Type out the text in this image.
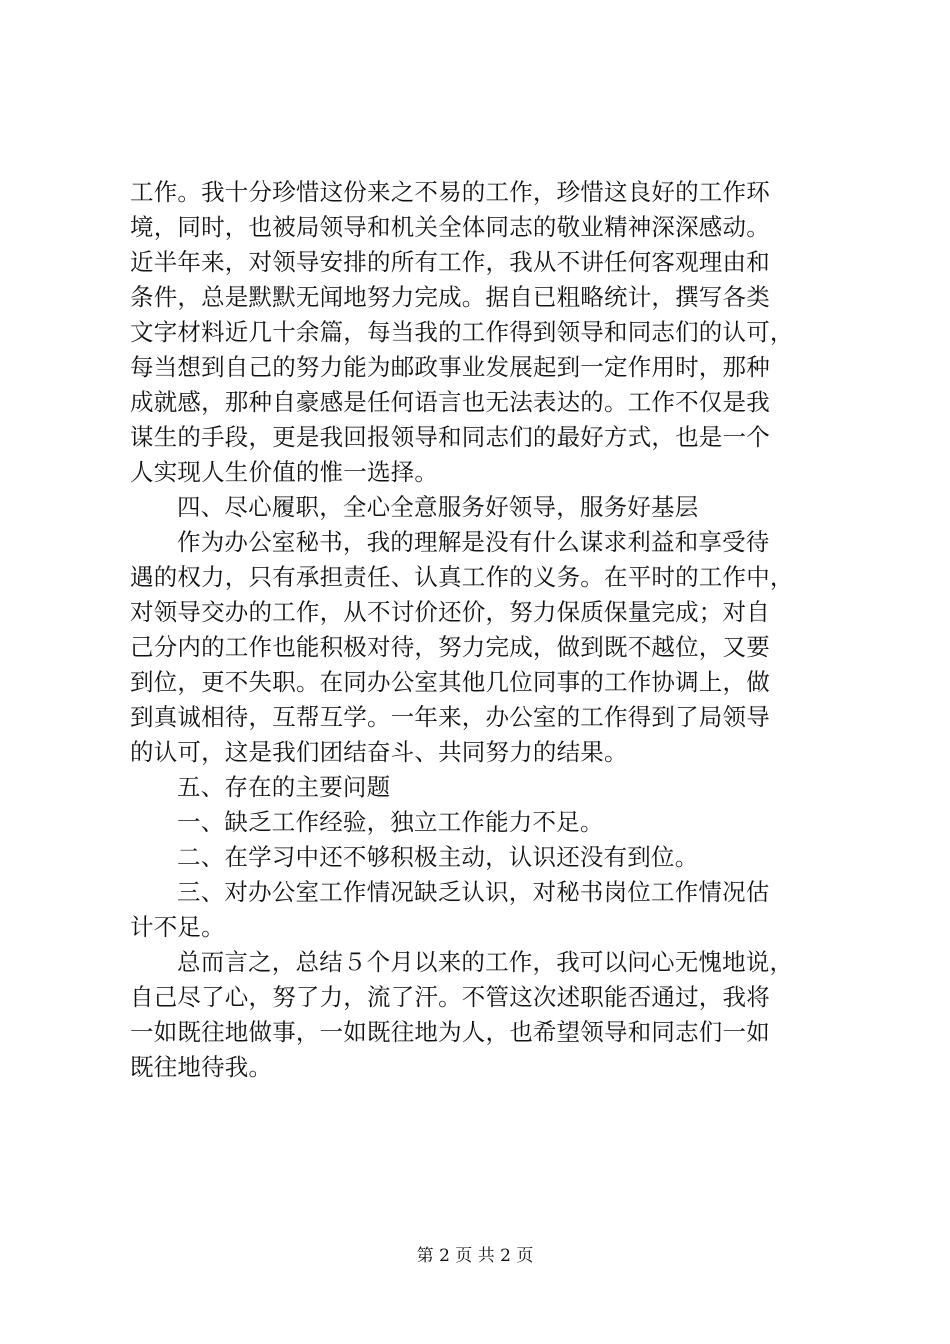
工作。我十分珍惜这份来之不易的工作，珍惜这良好的工作环
境，同时，也被局领导和机关全体同志的敬业精神深深感动。
近半年来，对领导安排的所有工作，我从不讲任何客观理由和
条件，总是默默无闻地努力完成。据自已粗略统计，撰写各类
文字材料近几十余篇，每当我的工作得到领导和同志们的认可，
每当想到自己的努力能为邮政事业发展起到一定作用时，那种
成就感，那种自豪感是任何语言也无法表达的。工作不仅是我
谋生的手段，更是我回报领导和同志们的最好方式，也是一个
人实现人生价值的惟一选择。
四、尽心履职，全心全意服务好领导，服务好基层
作为办公室秘书，我的理解是没有什么谋求利益和享受待
遇的权力，只有承担责任、认真工作的义务。在平时的工作中，
对领导交办的工作，从不讨价还价，努力保质保量完成；对自
己分内的工作也能积极对待，努力完成，做到既不越位，又要
到位，更不失职。在同办公室其他几位同事的工作协调上，做
到真诚相待，互帮互学。一年来，办公室的工作得到了局领导
的认可，这是我们团结奋斗、共同努力的结果。
五、存在的主要问题
一、缺乏工作经验，独立工作能力不足。
二、在学习中还不够积极主动，认识还没有到位。
三、对办公室工作情况缺乏认识，对秘书岗位工作情况估
计不足。
总而言之，总结５个月以来的工作，我可以问心无愧地说，
自己尽了心，努了力，流了汗。不管这次述职能否通过，我将
一如既往地做事，一如既往地为人，也希望领导和同志们一如
既往地待我。
第 2 页 共 2 页
